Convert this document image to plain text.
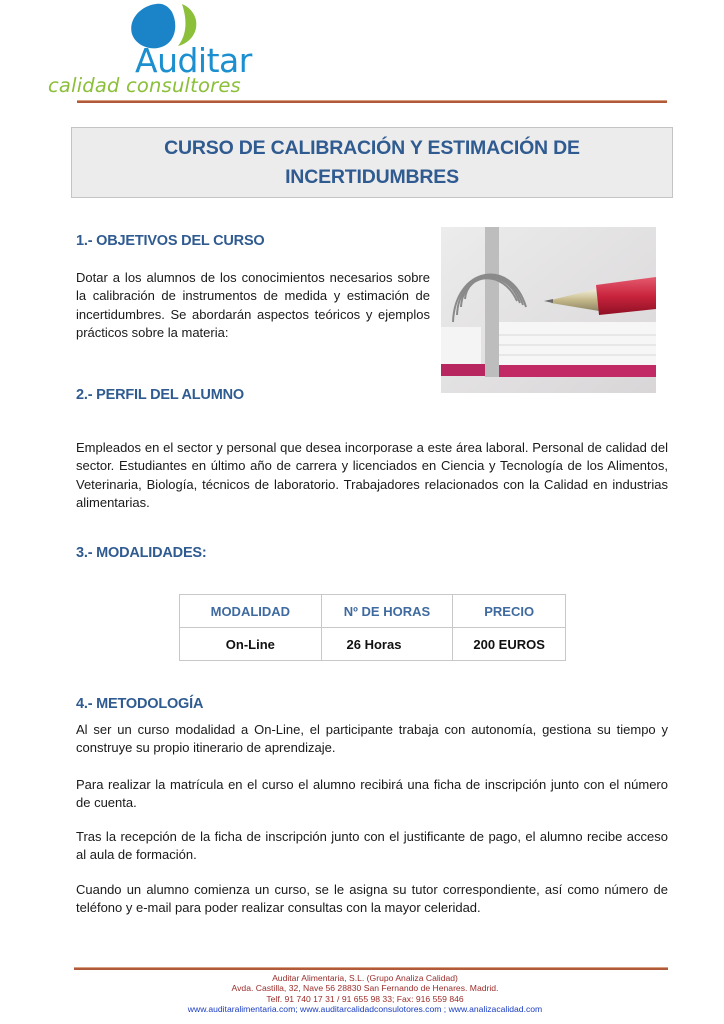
Auditar
calidad consultores
CURSO DE CALIBRACIÓN Y ESTIMACIÓN DE INCERTIDUMBRES
1.- OBJETIVOS DEL CURSO
Dotar a los alumnos de los conocimientos necesarios sobre la calibración de instrumentos de medida y estimación de incertidumbres. Se abordarán aspectos teóricos y ejemplos prácticos sobre la materia:
2.- PERFIL DEL ALUMNO
Empleados en el sector y personal que desea incorporase a este área laboral. Personal de calidad del sector. Estudiantes en último año de carrera y licenciados en Ciencia y Tecnología de los Alimentos, Veterinaria, Biología, técnicos de laboratorio. Trabajadores relacionados con la Calidad en industrias alimentarias.
3.- MODALIDADES:
MODALIDAD	Nº DE HORAS	PRECIO
On-Line	26 Horas	200 EUROS
4.- METODOLOGÍA
Al ser un curso modalidad a On-Line, el participante trabaja con autonomía, gestiona su tiempo y construye su propio itinerario de aprendizaje.
Para realizar la matrícula en el curso el alumno recibirá una ficha de inscripción junto con el número de cuenta.
Tras la recepción de la ficha de inscripción junto con el justificante de pago, el alumno recibe acceso al aula de formación.
Cuando un alumno comienza un curso, se le asigna su tutor correspondiente, así como número de teléfono y e-mail para poder realizar consultas con la mayor celeridad.
Auditar Alimentaria, S.L. (Grupo Analiza Calidad)
Avda. Castilla, 32, Nave 56 28830 San Fernando de Henares. Madrid.
Telf. 91 740 17 31 / 91 655 98 33; Fax: 916 559 846
www.auditaralimentaria.com; www.auditarcalidadconsulotores.com ; www.analizacalidad.com
